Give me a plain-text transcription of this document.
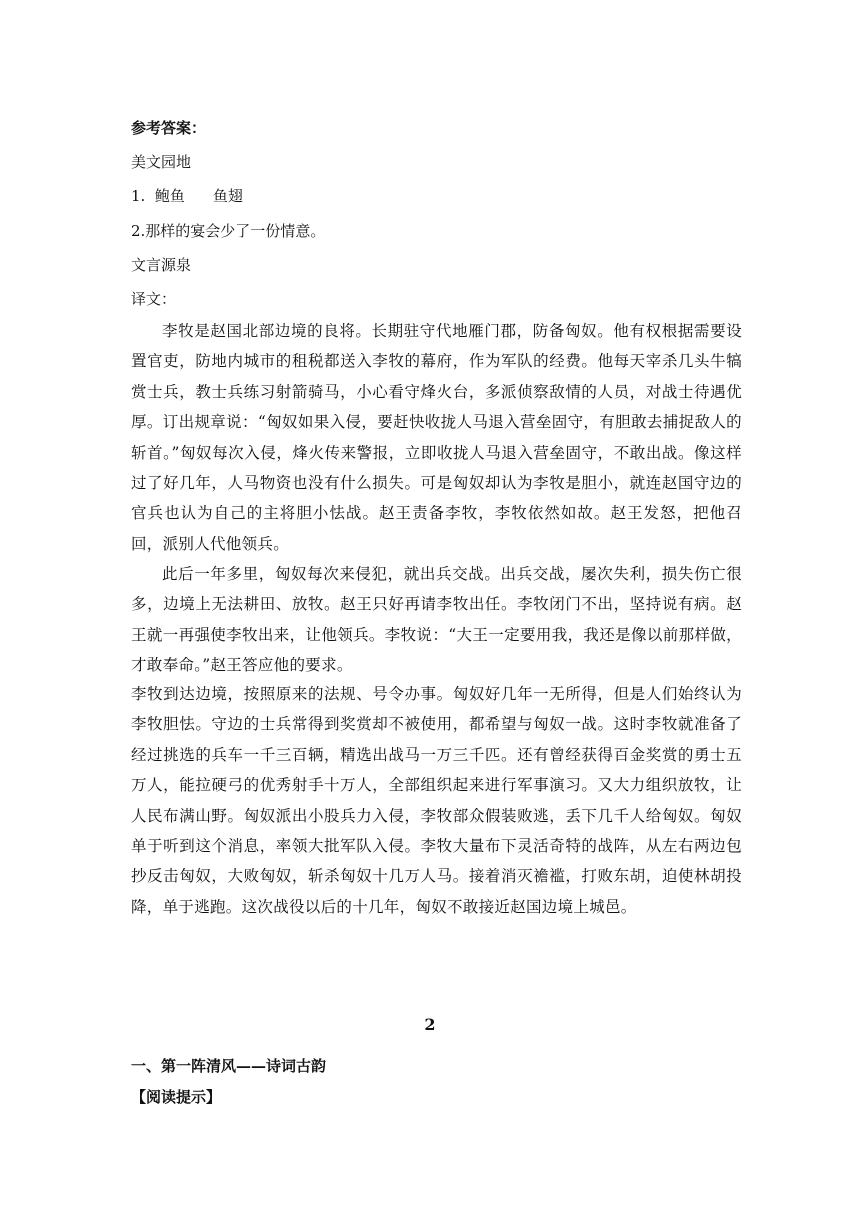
参考答案：
美文园地
1. 鲍鱼 鱼翅
2.那样的宴会少了一份情意。
文言源泉
译文：

李牧是赵国北部边境的良将。长期驻守代地雁门郡，防备匈奴。他有权根据需要设置官吏，防地内城市的租税都送入李牧的幕府，作为军队的经费。他每天宰杀几头牛犒赏士兵，教士兵练习射箭骑马，小心看守烽火台，多派侦察敌情的人员，对战士待遇优厚。订出规章说：“匈奴如果入侵，要赶快收拢人马退入营垒固守，有胆敢去捕捉敌人的斩首。”匈奴每次入侵，烽火传来警报，立即收拢人马退入营垒固守，不敢出战。像这样过了好几年，人马物资也没有什么损失。可是匈奴却认为李牧是胆小，就连赵国守边的官兵也认为自己的主将胆小怯战。赵王责备李牧，李牧依然如故。赵王发怒，把他召回，派别人代他领兵。

此后一年多里，匈奴每次来侵犯，就出兵交战。出兵交战，屡次失利，损失伤亡很多，边境上无法耕田、放牧。赵王只好再请李牧出任。李牧闭门不出，坚持说有病。赵王就一再强使李牧出来，让他领兵。李牧说：“大王一定要用我，我还是像以前那样做，才敢奉命。”赵王答应他的要求。

李牧到达边境，按照原来的法规、号令办事。匈奴好几年一无所得，但是人们始终认为李牧胆怯。守边的士兵常得到奖赏却不被使用，都希望与匈奴一战。这时李牧就准备了经过挑选的兵车一千三百辆，精选出战马一万三千匹。还有曾经获得百金奖赏的勇士五万人，能拉硬弓的优秀射手十万人，全部组织起来进行军事演习。又大力组织放牧，让人民布满山野。匈奴派出小股兵力入侵，李牧部众假装败逃，丢下几千人给匈奴。匈奴单于听到这个消息，率领大批军队入侵。李牧大量布下灵活奇特的战阵，从左右两边包抄反击匈奴，大败匈奴，斩杀匈奴十几万人马。接着消灭襜褴，打败东胡，迫使林胡投降，单于逃跑。这次战役以后的十几年，匈奴不敢接近赵国边境上城邑。

2
一、第一阵清风——诗词古韵
【阅读提示】
